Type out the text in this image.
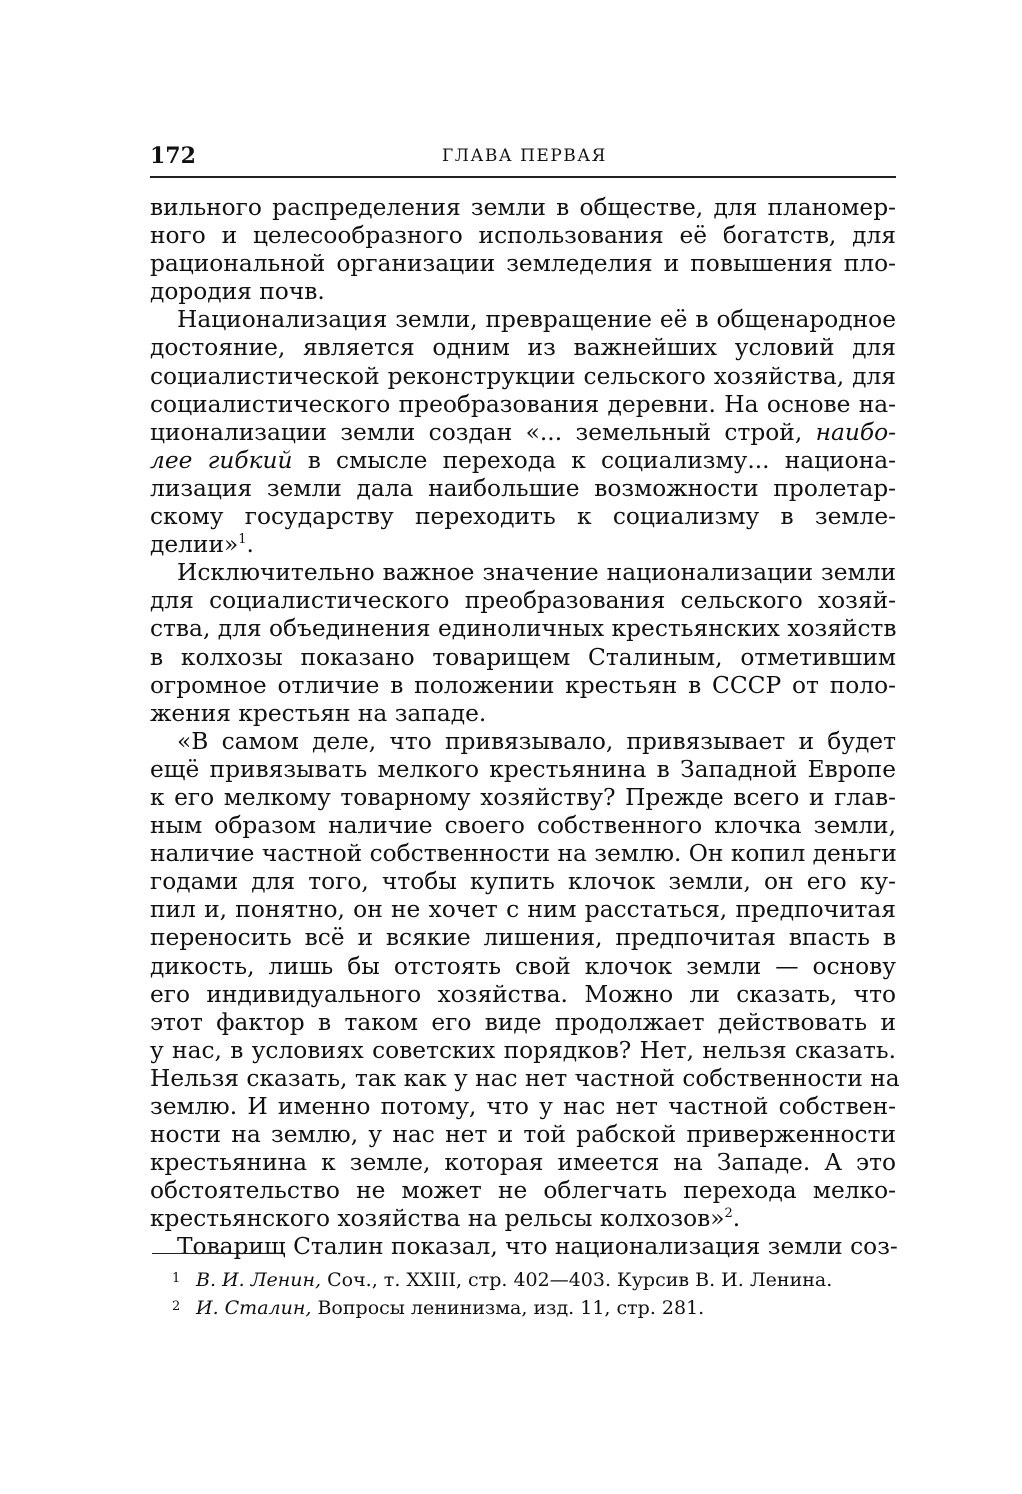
172	ГЛАВА ПЕРВАЯ
вильного распределения земли в обществе, для планомер-
ного и целесообразного использования её богатств, для
рациональной организации земледелия и повышения пло-
дородия почв.
Национализация земли, превращение её в общенародное
достояние, является одним из важнейших условий для
социалистической реконструкции сельского хозяйства, для
социалистического преобразования деревни. На основе на-
ционализации земли создан «... земельный строй, наибо-
лее гибкий в смысле перехода к социализму... национа-
лизация земли дала наибольшие возможности пролетар-
скому государству переходить к социализму в земле-
делии»$^1$.
Исключительно важное значение национализации земли
для социалистического преобразования сельского хозяй-
ства, для объединения единоличных крестьянских хозяйств
в колхозы показано товарищем Сталиным, отметившим
огромное отличие в положении крестьян в СССР от поло-
жения крестьян на западе.
«В самом деле, что привязывало, привязывает и будет
ещё привязывать мелкого крестьянина в Западной Европе
к его мелкому товарному хозяйству? Прежде всего и глав-
ным образом наличие своего собственного клочка земли,
наличие частной собственности на землю. Он копил деньги
годами для того, чтобы купить клочок земли, он его ку-
пил и, понятно, он не хочет с ним расстаться, предпочитая
переносить всё и всякие лишения, предпочитая впасть в
дикость, лишь бы отстоять свой клочок земли — основу
его индивидуального хозяйства. Можно ли сказать, что
этот фактор в таком его виде продолжает действовать и
у нас, в условиях советских порядков? Нет, нельзя сказать.
Нельзя сказать, так как у нас нет частной собственности на
землю. И именно потому, что у нас нет частной собствен-
ности на землю, у нас нет и той рабской приверженности
крестьянина к земле, которая имеется на Западе. А это
обстоятельство не может не облегчать перехода мелко-
крестьянского хозяйства на рельсы колхозов»$^2$.
Товарищ Сталин показал, что национализация земли соз-
1 В. И. Ленин, Соч., т. XXIII, стр. 402—403. Курсив В. И. Ленина.
2 И. Сталин, Вопросы ленинизма, изд. 11, стр. 281.
